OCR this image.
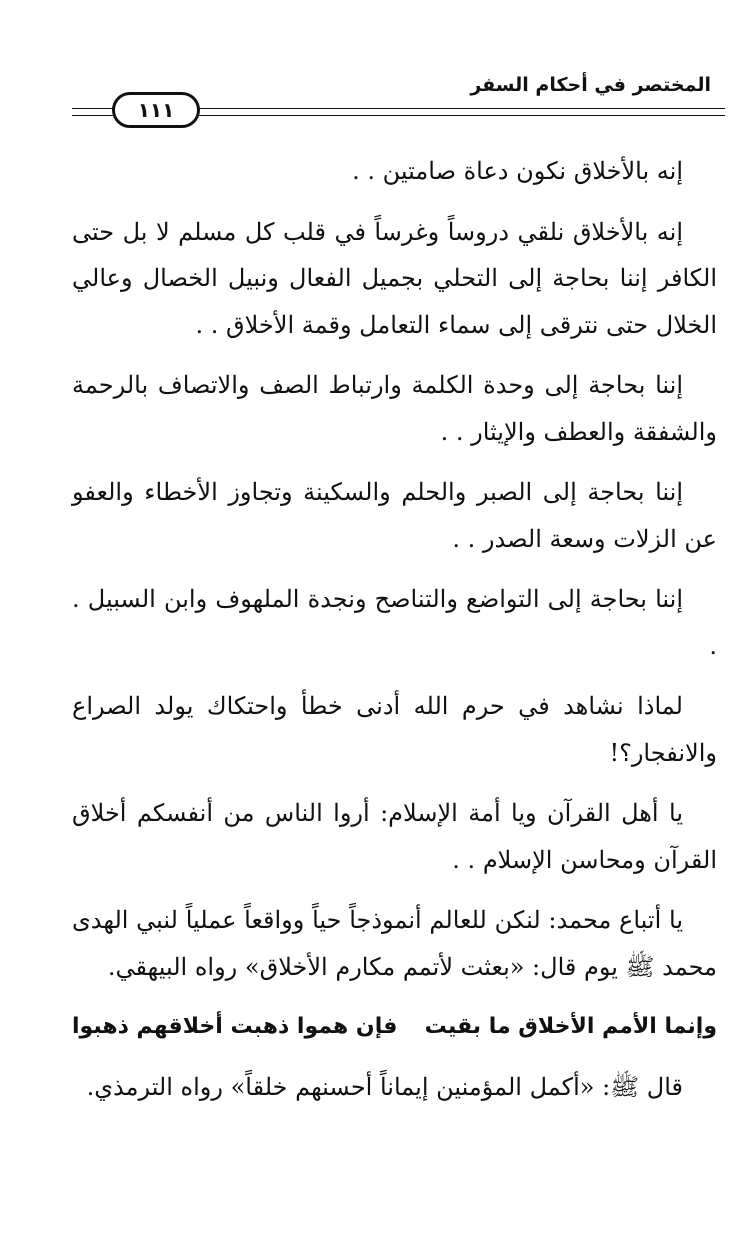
المختصر في أحكام السفر
١١١

إنه بالأخلاق نكون دعاة صامتين . .

إنه بالأخلاق نلقي دروساً وغرساً في قلب كل مسلم لا بل حتى الكافر إننا بحاجة إلى التحلي بجميل الفعال ونبيل الخصال وعالي الخلال حتى نترقى إلى سماء التعامل وقمة الأخلاق . .

إننا بحاجة إلى وحدة الكلمة وارتباط الصف والاتصاف بالرحمة والشفقة والعطف والإيثار . .

إننا بحاجة إلى الصبر والحلم والسكينة وتجاوز الأخطاء والعفو عن الزلات وسعة الصدر . .

إننا بحاجة إلى التواضع والتناصح ونجدة الملهوف وابن السبيل . .

لماذا نشاهد في حرم الله أدنى خطأ واحتكاك يولد الصراع والانفجار؟!

يا أهل القرآن ويا أمة الإسلام: أروا الناس من أنفسكم أخلاق القرآن ومحاسن الإسلام . .

يا أتباع محمد: لنكن للعالم أنموذجاً حياً وواقعاً عملياً لنبي الهدى محمد ﷺ يوم قال: «بعثت لأتمم مكارم الأخلاق» رواه البيهقي.

وإنما الأمم الأخلاق ما بقيت
فإن هموا ذهبت أخلاقهم ذهبوا

قال ﷺ: «أكمل المؤمنين إيماناً أحسنهم خلقاً» رواه الترمذي.
